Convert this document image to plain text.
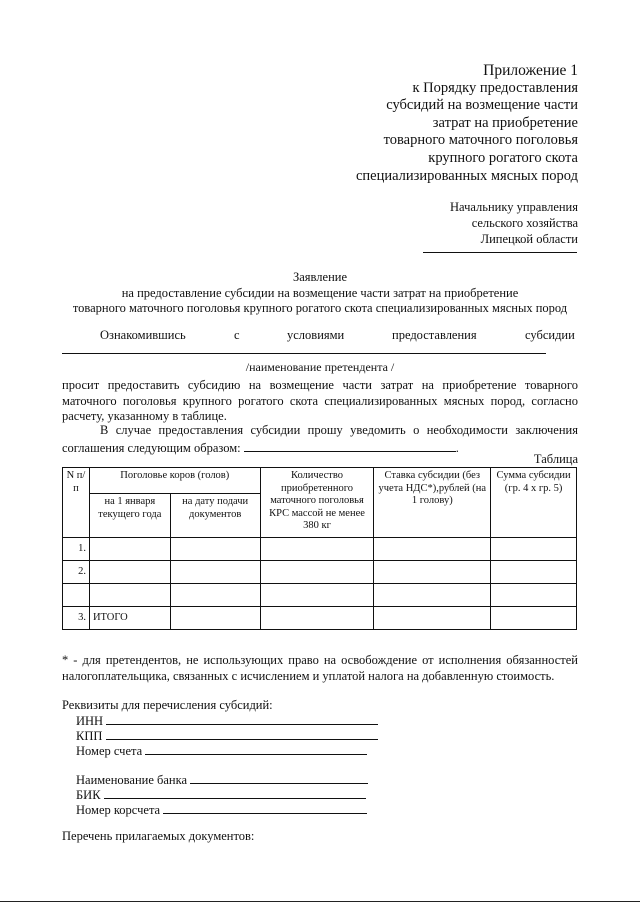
Приложение 1
к Порядку предоставления
субсидий на возмещение части
затрат на приобретение
товарного маточного поголовья
крупного рогатого скота
специализированных мясных пород
Начальнику управления
сельского хозяйства
Липецкой области
Заявление
на предоставление субсидии на возмещение части затрат на приобретение
товарного маточного поголовья крупного рогатого скота специализированных мясных пород
Ознакомившись	с	условиями	предоставления	субсидии
/наименование претендента /
просит предоставить субсидию на возмещение части затрат на приобретение товарного маточного поголовья крупного рогатого скота специализированных мясных пород, согласно расчету, указанному в таблице.
В случае предоставления субсидии прошу уведомить о необходимости заключения соглашения следующим образом:	.
Таблица
N п/п	Поголовье коров (голов)		Количество приобретенного маточного поголовья КРС массой не менее 380 кг	Ставка субсидии (без учета НДС*),рублей (на 1 голову)	Сумма субсидии (гр. 4 х гр. 5)
	на 1 января текущего года	на дату подачи документов			
1.					
2.					

3.	ИТОГО				
* - для претендентов, не использующих право на освобождение от исполнения обязанностей налогоплательщика, связанных с исчислением и уплатой налога на добавленную стоимость.
Реквизиты для перечисления субсидий:
ИНН
КПП
Номер счета
Наименование банка
БИК
Номер корсчета
Перечень прилагаемых документов:
